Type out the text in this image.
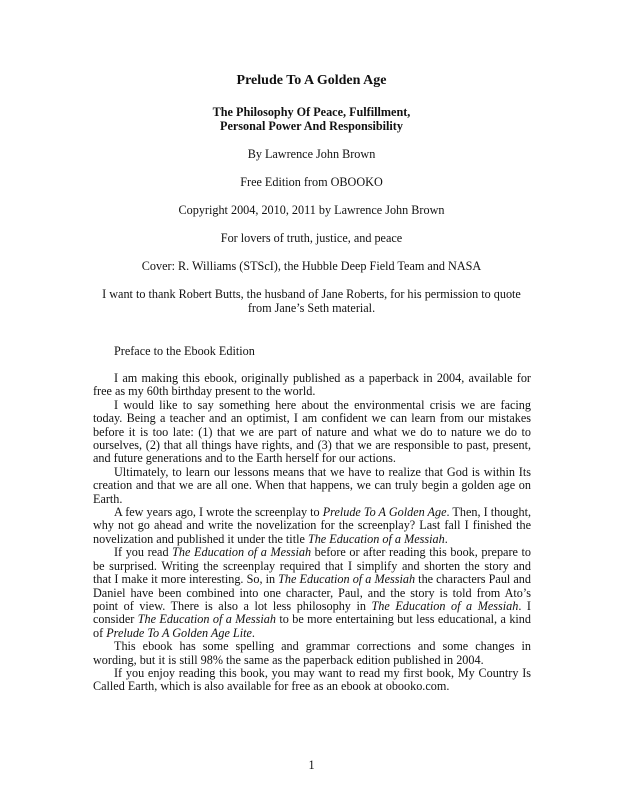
Prelude To A Golden Age
The Philosophy Of Peace, Fulfillment,
Personal Power And Responsibility
By Lawrence John Brown
Free Edition from OBOOKO
Copyright 2004, 2010, 2011 by Lawrence John Brown
For lovers of truth, justice, and peace
Cover: R. Williams (STScI), the Hubble Deep Field Team and NASA
I want to thank Robert Butts, the husband of Jane Roberts, for his permission to quote from Jane’s Seth material.
Preface to the Ebook Edition

I am making this ebook, originally published as a paperback in 2004, available for free as my 60th birthday present to the world.

I would like to say something here about the environmental crisis we are facing today. Being a teacher and an optimist, I am confident we can learn from our mistakes before it is too late: (1) that we are part of nature and what we do to nature we do to ourselves, (2) that all things have rights, and (3) that we are responsible to past, present, and future generations and to the Earth herself for our actions.

Ultimately, to learn our lessons means that we have to realize that God is within Its creation and that we are all one. When that happens, we can truly begin a golden age on Earth.

A few years ago, I wrote the screenplay to Prelude To A Golden Age. Then, I thought, why not go ahead and write the novelization for the screenplay? Last fall I finished the novelization and published it under the title The Education of a Messiah.

If you read The Education of a Messiah before or after reading this book, prepare to be surprised. Writing the screenplay required that I simplify and shorten the story and that I make it more interesting. So, in The Education of a Messiah the characters Paul and Daniel have been combined into one character, Paul, and the story is told from Ato’s point of view. There is also a lot less philosophy in The Education of a Messiah. I consider The Education of a Messiah to be more entertaining but less educational, a kind of Prelude To A Golden Age Lite.

This ebook has some spelling and grammar corrections and some changes in wording, but it is still 98% the same as the paperback edition published in 2004.

If you enjoy reading this book, you may want to read my first book, My Country Is Called Earth, which is also available for free as an ebook at obooko.com.

1
